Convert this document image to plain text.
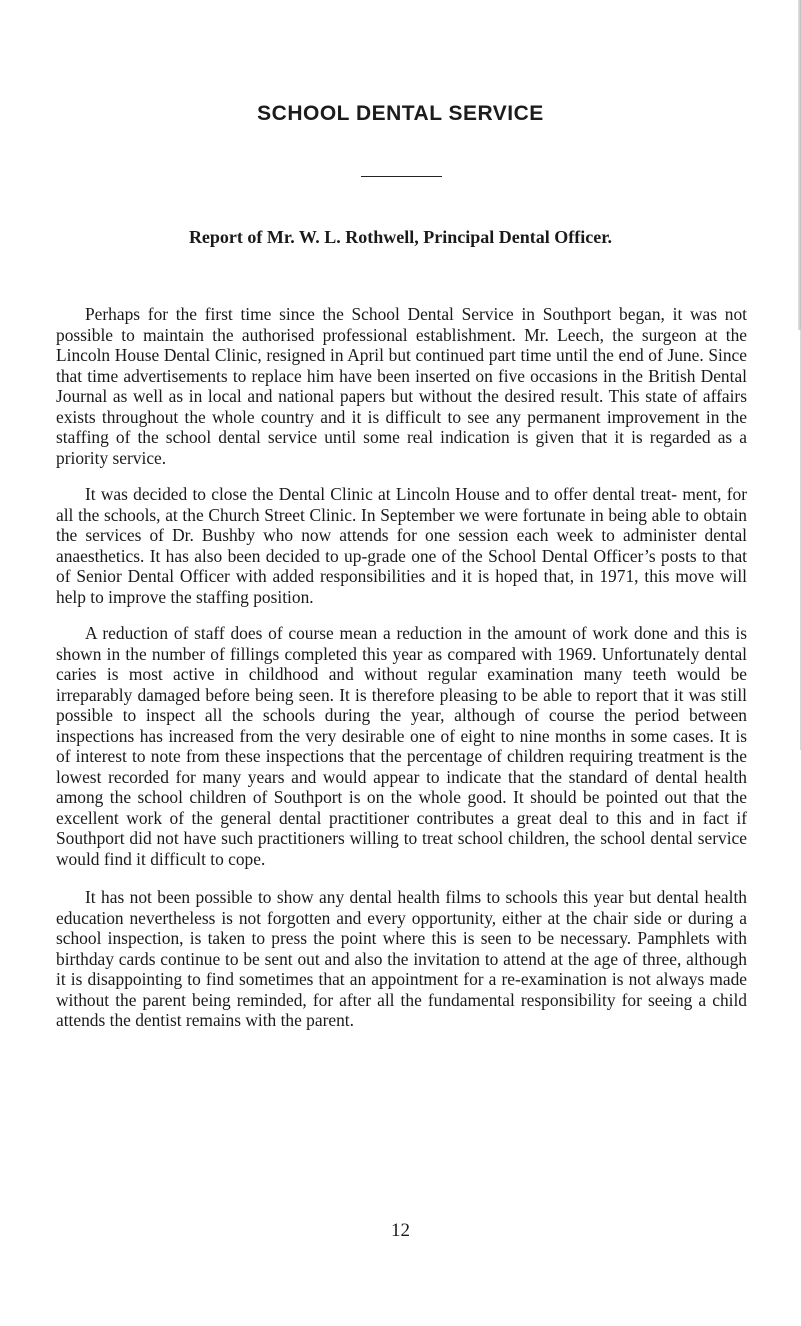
SCHOOL DENTAL SERVICE
Report of Mr. W. L. Rothwell, Principal Dental Officer.

Perhaps for the first time since the School Dental Service in Southport began, it was not possible to maintain the authorised professional establishment. Mr. Leech, the surgeon at the Lincoln House Dental Clinic, resigned in April but continued part time until the end of June. Since that time advertisements to replace him have been inserted on five occasions in the British Dental Journal as well as in local and national papers but without the desired result. This state of affairs exists throughout the whole country and it is difficult to see any permanent improvement in the staffing of the school dental service until some real indication is given that it is regarded as a priority service.

It was decided to close the Dental Clinic at Lincoln House and to offer dental treat- ment, for all the schools, at the Church Street Clinic. In September we were fortunate in being able to obtain the services of Dr. Bushby who now attends for one session each week to administer dental anaesthetics. It has also been decided to up-grade one of the School Dental Officer’s posts to that of Senior Dental Officer with added responsibilities and it is hoped that, in 1971, this move will help to improve the staffing position.

A reduction of staff does of course mean a reduction in the amount of work done and this is shown in the number of fillings completed this year as compared with 1969. Unfortunately dental caries is most active in childhood and without regular examination many teeth would be irreparably damaged before being seen. It is therefore pleasing to be able to report that it was still possible to inspect all the schools during the year, although of course the period between inspections has increased from the very desirable one of eight to nine months in some cases. It is of interest to note from these inspections that the percentage of children requiring treatment is the lowest recorded for many years and would appear to indicate that the standard of dental health among the school children of Southport is on the whole good. It should be pointed out that the excellent work of the general dental practitioner contributes a great deal to this and in fact if Southport did not have such practitioners willing to treat school children, the school dental service would find it difficult to cope.

It has not been possible to show any dental health films to schools this year but dental health education nevertheless is not forgotten and every opportunity, either at the chair side or during a school inspection, is taken to press the point where this is seen to be necessary. Pamphlets with birthday cards continue to be sent out and also the invitation to attend at the age of three, although it is disappointing to find sometimes that an appointment for a re-examination is not always made without the parent being reminded, for after all the fundamental responsibility for seeing a child attends the dentist remains with the parent.

12
